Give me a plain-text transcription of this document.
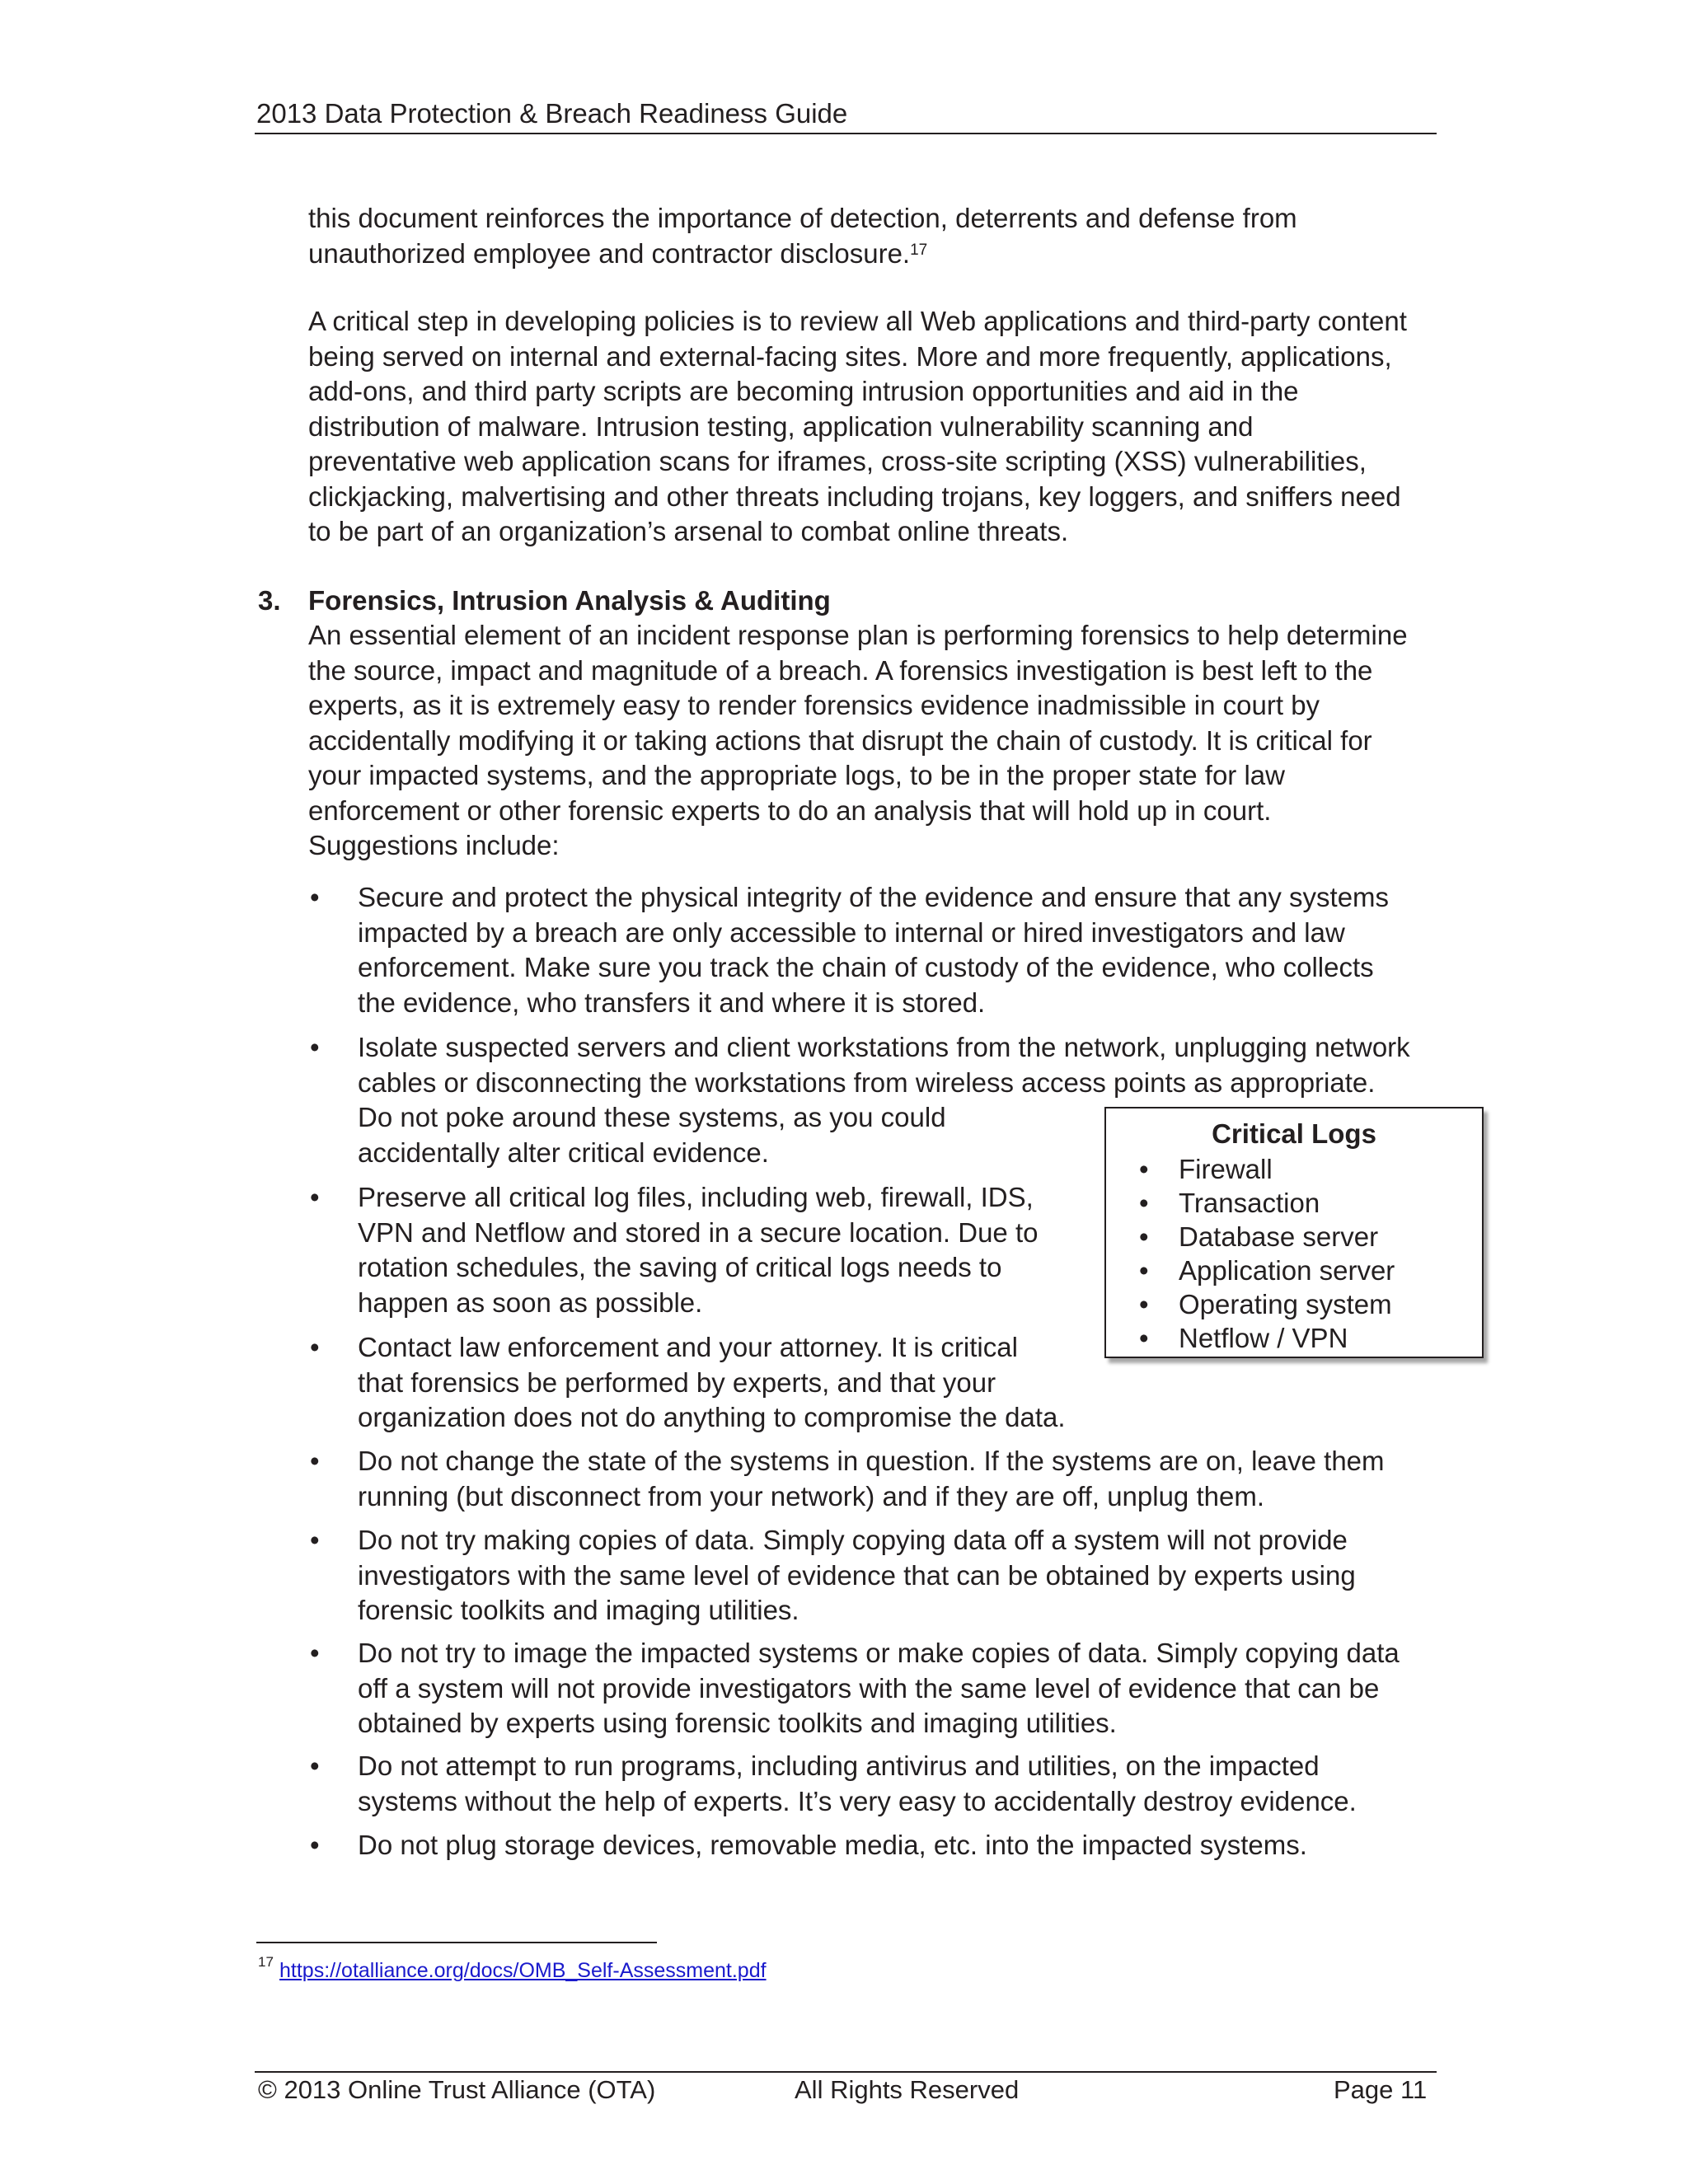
2013 Data Protection & Breach Readiness Guide
this document reinforces the importance of detection, deterrents and defense from
unauthorized employee and contractor disclosure.$^{17}$
A critical step in developing policies is to review all Web applications and third-party content
being served on internal and external-facing sites. More and more frequently, applications,
add-ons, and third party scripts are becoming intrusion opportunities and aid in the
distribution of malware. Intrusion testing, application vulnerability scanning and
preventative web application scans for iframes, cross-site scripting (XSS) vulnerabilities,
clickjacking, malvertising and other threats including trojans, key loggers, and sniffers need
to be part of an organization’s arsenal to combat online threats.
3. Forensics, Intrusion Analysis & Auditing
An essential element of an incident response plan is performing forensics to help determine
the source, impact and magnitude of a breach. A forensics investigation is best left to the
experts, as it is extremely easy to render forensics evidence inadmissible in court by
accidentally modifying it or taking actions that disrupt the chain of custody. It is critical for
your impacted systems, and the appropriate logs, to be in the proper state for law
enforcement or other forensic experts to do an analysis that will hold up in court.
Suggestions include:
• Secure and protect the physical integrity of the evidence and ensure that any systems
impacted by a breach are only accessible to internal or hired investigators and law
enforcement. Make sure you track the chain of custody of the evidence, who collects
the evidence, who transfers it and where it is stored.
• Isolate suspected servers and client workstations from the network, unplugging network
cables or disconnecting the workstations from wireless access points as appropriate.
Do not poke around these systems, as you could
accidentally alter critical evidence.
• Preserve all critical log files, including web, firewall, IDS,
VPN and Netflow and stored in a secure location. Due to
rotation schedules, the saving of critical logs needs to
happen as soon as possible.
• Contact law enforcement and your attorney. It is critical
that forensics be performed by experts, and that your
organization does not do anything to compromise the data.
• Do not change the state of the systems in question. If the systems are on, leave them
running (but disconnect from your network) and if they are off, unplug them.
• Do not try making copies of data. Simply copying data off a system will not provide
investigators with the same level of evidence that can be obtained by experts using
forensic toolkits and imaging utilities.
• Do not try to image the impacted systems or make copies of data. Simply copying data
off a system will not provide investigators with the same level of evidence that can be
obtained by experts using forensic toolkits and imaging utilities.
• Do not attempt to run programs, including antivirus and utilities, on the impacted
systems without the help of experts. It’s very easy to accidentally destroy evidence.
• Do not plug storage devices, removable media, etc. into the impacted systems.
Critical Logs
• Firewall
• Transaction
• Database server
• Application server
• Operating system
• Netflow / VPN
17 https://otalliance.org/docs/OMB_Self-Assessment.pdf
© 2013 Online Trust Alliance (OTA)	All Rights Reserved	Page 11
